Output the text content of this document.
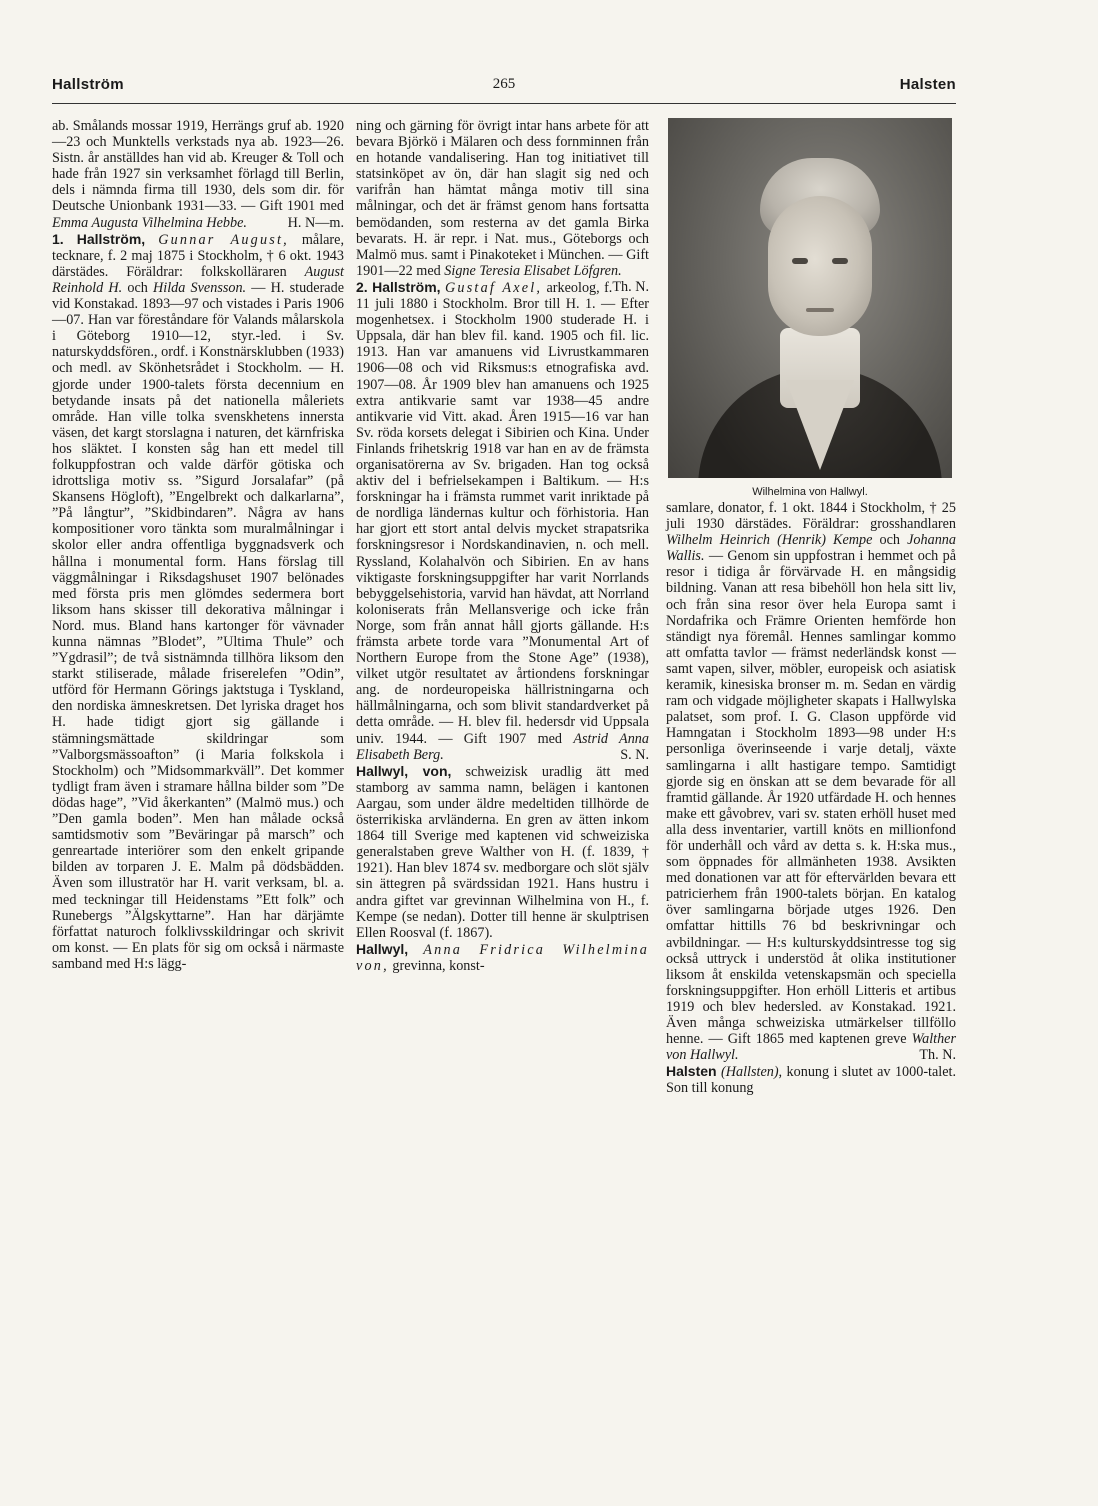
Hallström	265	Halsten

ab. Smålands mossar 1919, Herrängs gruf ab. 1920—23 och Munktells verkstads nya ab. 1923—26. Sistn. år anställdes han vid ab. Kreuger & Toll och hade från 1927 sin verksamhet förlagd till Berlin, dels i nämnda firma till 1930, dels som dir. för Deutsche Unionbank 1931—33. — Gift 1901 med Emma Augusta Vilhelmina Hebbe.	H. N—m.

1. Hallström, Gunnar August, målare, tecknare, f. 2 maj 1875 i Stockholm, † 6 okt. 1943 därstädes. Föräldrar: folkskolläraren August Reinhold H. och Hilda Svensson. — H. studerade vid Konstakad. 1893—97 och vistades i Paris 1906—07. Han var föreståndare för Valands målarskola i Göteborg 1910—12, styr.-led. i Sv. naturskyddsfören., ordf. i Konstnärsklubben (1933) och medl. av Skönhetsrådet i Stockholm. — H. gjorde under 1900-talets första decennium en betydande insats på det nationella måleriets område. Han ville tolka svenskhetens innersta väsen, det kargt storslagna i naturen, det kärnfriska hos släktet. I konsten såg han ett medel till folkuppfostran och valde därför götiska och idrottsliga motiv ss. ”Sigurd Jorsalafar” (på Skansens Högloft), ”Engelbrekt och dalkarlarna”, ”På långtur”, ”Skidbindaren”. Några av hans kompositioner voro tänkta som muralmålningar i skolor eller andra offentliga byggnadsverk och hållna i monumental form. Hans förslag till väggmålningar i Riksdagshuset 1907 belönades med första pris men glömdes sedermera bort liksom hans skisser till dekorativa målningar i Nord. mus. Bland hans kartonger för vävnader kunna nämnas ”Blodet”, ”Ultima Thule” och ”Ygdrasil”; de två sistnämnda tillhöra liksom den starkt stiliserade, målade friserelefen ”Odin”, utförd för Hermann Görings jaktstuga i Tyskland, den nordiska ämneskretsen. Det lyriska draget hos H. hade tidigt gjort sig gällande i stämningsmättade skildringar som ”Valborgsmässoafton” (i Maria folkskola i Stockholm) och ”Midsommarkväll”. Det kommer tydligt fram även i stramare hållna bilder som ”De dödas hage”, ”Vid åkerkanten” (Malmö mus.) och ”Den gamla boden”. Men han målade också samtidsmotiv som ”Beväringar på marsch” och genreartade interiörer som den enkelt gripande bilden av torparen J. E. Malm på dödsbädden. Även som illustratör har H. varit verksam, bl. a. med teckningar till Heidenstams ”Ett folk” och Runebergs ”Älgskyttarne”. Han har därjämte författat naturoch folklivsskildringar och skrivit om konst. — En plats för sig om också i närmaste samband med H:s lägg-

ning och gärning för övrigt intar hans arbete för att bevara Björkö i Mälaren och dess fornminnen från en hotande vandalisering. Han tog initiativet till statsinköpet av ön, där han slagit sig ned och varifrån han hämtat många motiv till sina målningar, och det är främst genom hans fortsatta bemödanden, som resterna av det gamla Birka bevarats. H. är repr. i Nat. mus., Göteborgs och Malmö mus. samt i Pinakoteket i München. — Gift 1901—22 med Signe Teresia Elisabet Löfgren.
Th. N.

2. Hallström, Gustaf Axel, arkeolog, f. 11 juli 1880 i Stockholm. Bror till H. 1. — Efter mogenhetsex. i Stockholm 1900 studerade H. i Uppsala, där han blev fil. kand. 1905 och fil. lic. 1913. Han var amanuens vid Livrustkammaren 1906—08 och vid Riksmus:s etnografiska avd. 1907—08. År 1909 blev han amanuens och 1925 extra antikvarie samt var 1938—45 andre antikvarie vid Vitt. akad. Åren 1915—16 var han Sv. röda korsets delegat i Sibirien och Kina. Under Finlands frihetskrig 1918 var han en av de främsta organisatörerna av Sv. brigaden. Han tog också aktiv del i befrielsekampen i Baltikum. — H:s forskningar ha i främsta rummet varit inriktade på de nordliga ländernas kultur och förhistoria. Han har gjort ett stort antal delvis mycket strapatsrika forskningsresor i Nordskandinavien, n. och mell. Ryssland, Kolahalvön och Sibirien. En av hans viktigaste forskningsuppgifter har varit Norrlands bebyggelsehistoria, varvid han hävdat, att Norrland koloniserats från Mellansverige och icke från Norge, som från annat håll gjorts gällande. H:s främsta arbete torde vara ”Monumental Art of Northern Europe from the Stone Age” (1938), vilket utgör resultatet av årtiondens forskningar ang. de nordeuropeiska hällristningarna och hällmålningarna, och som blivit standardverket på detta område. — H. blev fil. hedersdr vid Uppsala univ. 1944. — Gift 1907 med Astrid Anna Elisabeth Berg.	S. N.

Hallwyl, von, schweizisk uradlig ätt med stamborg av samma namn, belägen i kantonen Aargau, som under äldre medeltiden tillhörde de österrikiska arvländerna. En gren av ätten inkom 1864 till Sverige med kaptenen vid schweiziska generalstaben greve Walther von H. (f. 1839, † 1921). Han blev 1874 sv. medborgare och slöt själv sin ättegren på svärdssidan 1921. Hans hustru i andra giftet var grevinnan Wilhelmina von H., f. Kempe (se nedan). Dotter till henne är skulptrisen Ellen Roosval (f. 1867).

Hallwyl, Anna Fridrica Wilhelmina von, grevinna, konst-

Wilhelmina von Hallwyl.

samlare, donator, f. 1 okt. 1844 i Stockholm, † 25 juli 1930 därstädes. Föräldrar: grosshandlaren Wilhelm Heinrich (Henrik) Kempe och Johanna Wallis. — Genom sin uppfostran i hemmet och på resor i tidiga år förvärvade H. en mångsidig bildning. Vanan att resa bibehöll hon hela sitt liv, och från sina resor över hela Europa samt i Nordafrika och Främre Orienten hemförde hon ständigt nya föremål. Hennes samlingar kommo att omfatta tavlor — främst nederländsk konst — samt vapen, silver, möbler, europeisk och asiatisk keramik, kinesiska bronser m. m. Sedan en värdig ram och vidgade möjligheter skapats i Hallwylska palatset, som prof. I. G. Clason uppförde vid Hamngatan i Stockholm 1893—98 under H:s personliga överinseende i varje detalj, växte samlingarna i allt hastigare tempo. Samtidigt gjorde sig en önskan att se dem bevarade för all framtid gällande. År 1920 utfärdade H. och hennes make ett gåvobrev, vari sv. staten erhöll huset med alla dess inventarier, vartill knöts en millionfond för underhåll och vård av detta s. k. H:ska mus., som öppnades för allmänheten 1938. Avsikten med donationen var att för eftervärlden bevara ett patricierhem från 1900-talets början. En katalog över samlingarna började utges 1926. Den omfattar hittills 76 bd beskrivningar och avbildningar. — H:s kulturskyddsintresse tog sig också uttryck i understöd åt olika institutioner liksom åt enskilda vetenskapsmän och speciella forskningsuppgifter. Hon erhöll Litteris et artibus 1919 och blev hedersled. av Konstakad. 1921. Även många schweiziska utmärkelser tillföllo henne. — Gift 1865 med kaptenen greve Walther von Hallwyl.	Th. N.

Halsten (Hallsten), konung i slutet av 1000-talet. Son till konung
